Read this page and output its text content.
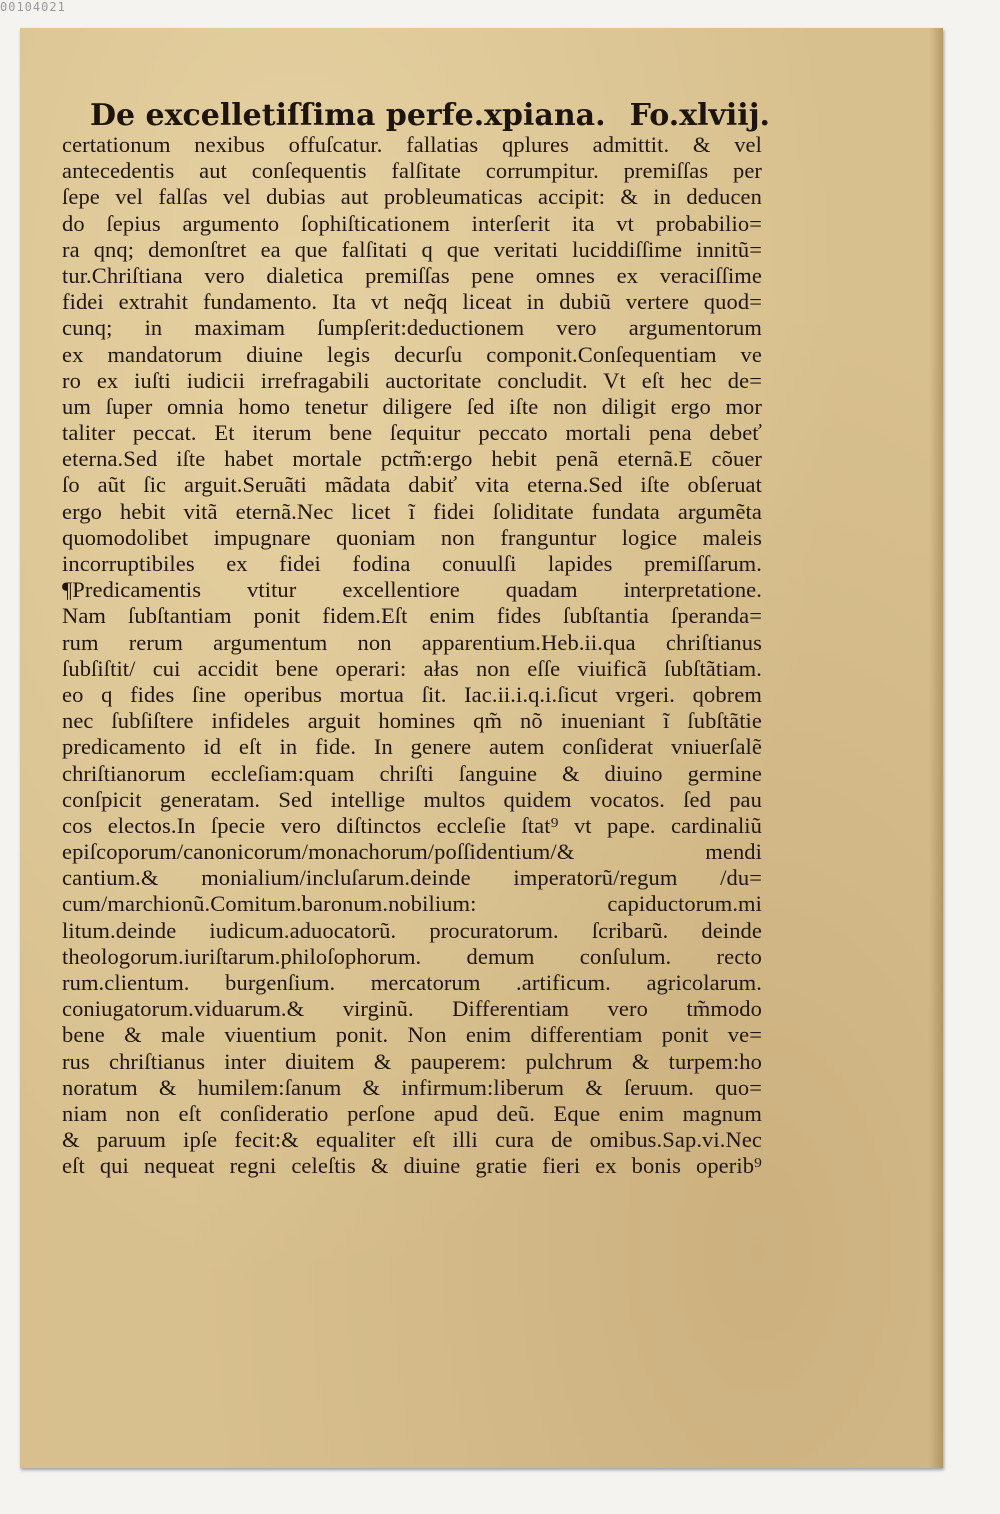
00104021
De excelletiſſima perfe.xpiana. Fo.xlviij.
certationum nexibus offuſcatur. fallatias qplures admittit. & vel
antecedentis aut conſequentis falſitate corrumpitur. premiſſas per
ſepe vel falſas vel dubias aut probleumaticas accipit: & in deducen
do ſepius argumento ſophiſticationem interſerit ita vt probabilio=
ra qnq; demonſtret ea que falſitati q que veritati luciddiſſime innitũ=
tur.Chriſtiana vero dialetica premiſſas pene omnes ex veraciſſime
fidei extrahit fundamento. Ita vt neq̃q liceat in dubiũ vertere quod=
cunq; in maximam ſumpſerit:deductionem vero argumentorum
ex mandatorum diuine legis decurſu componit.Conſequentiam ve
ro ex iuſti iudicii irrefragabili auctoritate concludit. Vt eſt hec de=
um ſuper omnia homo tenetur diligere ſed iſte non diligit ergo mor
taliter peccat. Et iterum bene ſequitur peccato mortali pena debeť
eterna.Sed iſte habet mortale pctm̃:ergo hebit penã eternã.E cõuer
ſo aũt ſic arguit.Seruãti mãdata dabiť vita eterna.Sed iſte obſeruat
ergo hebit vitã eternã.Nec licet ĩ fidei ſoliditate fundata argumẽta
quomodolibet impugnare quoniam non franguntur logice maleis
incorruptibiles ex fidei fodina conuulſi lapides premiſſarum.
¶Predicamentis vtitur excellentiore quadam interpretatione.
Nam ſubſtantiam ponit fidem.Eſt enim fides ſubſtantia ſperanda=
rum rerum argumentum non apparentium.Heb.ii.qua chriſtianus
ſubſiſtit/ cui accidit bene operari: ałas non eſſe viuificã ſubſtãtiam.
eo q fides ſine operibus mortua ſit. Iac.ii.i.q.i.ſicut vrgeri. qobrem
nec ſubſiſtere infideles arguit homines qm̃ nõ inueniant ĩ ſubſtãtie
predicamento id eſt in fide. In genere autem conſiderat vniuerſalẽ
chriſtianorum eccleſiam:quam chriſti ſanguine & diuino germine
conſpicit generatam. Sed intellige multos quidem vocatos. ſed pau
cos electos.In ſpecie vero diſtinctos eccleſie ſtat⁹ vt pape. cardinaliũ
epiſcoporum/canonicorum/monachorum/poſſidentium/& mendi
cantium.& monialium/incluſarum.deinde imperatorũ/regum /du=
cum/marchionũ.Comitum.baronum.nobilium: capiductorum.mi
litum.deinde iudicum.aduocatorũ. procuratorum. ſcribarũ. deinde
theologorum.iuriſtarum.philoſophorum. demum conſulum. recto
rum.clientum. burgenſium. mercatorum .artificum. agricolarum.
coniugatorum.viduarum.& virginũ. Differentiam vero tm̃modo
bene & male viuentium ponit. Non enim differentiam ponit ve=
rus chriſtianus inter diuitem & pauperem: pulchrum & turpem:ho
noratum & humilem:ſanum & infirmum:liberum & ſeruum. quo=
niam non eſt conſideratio perſone apud deũ. Eque enim magnum
& paruum ipſe fecit:& equaliter eſt illi cura de omibus.Sap.vi.Nec
eſt qui nequeat regni celeſtis & diuine gratie fieri ex bonis operib⁹
